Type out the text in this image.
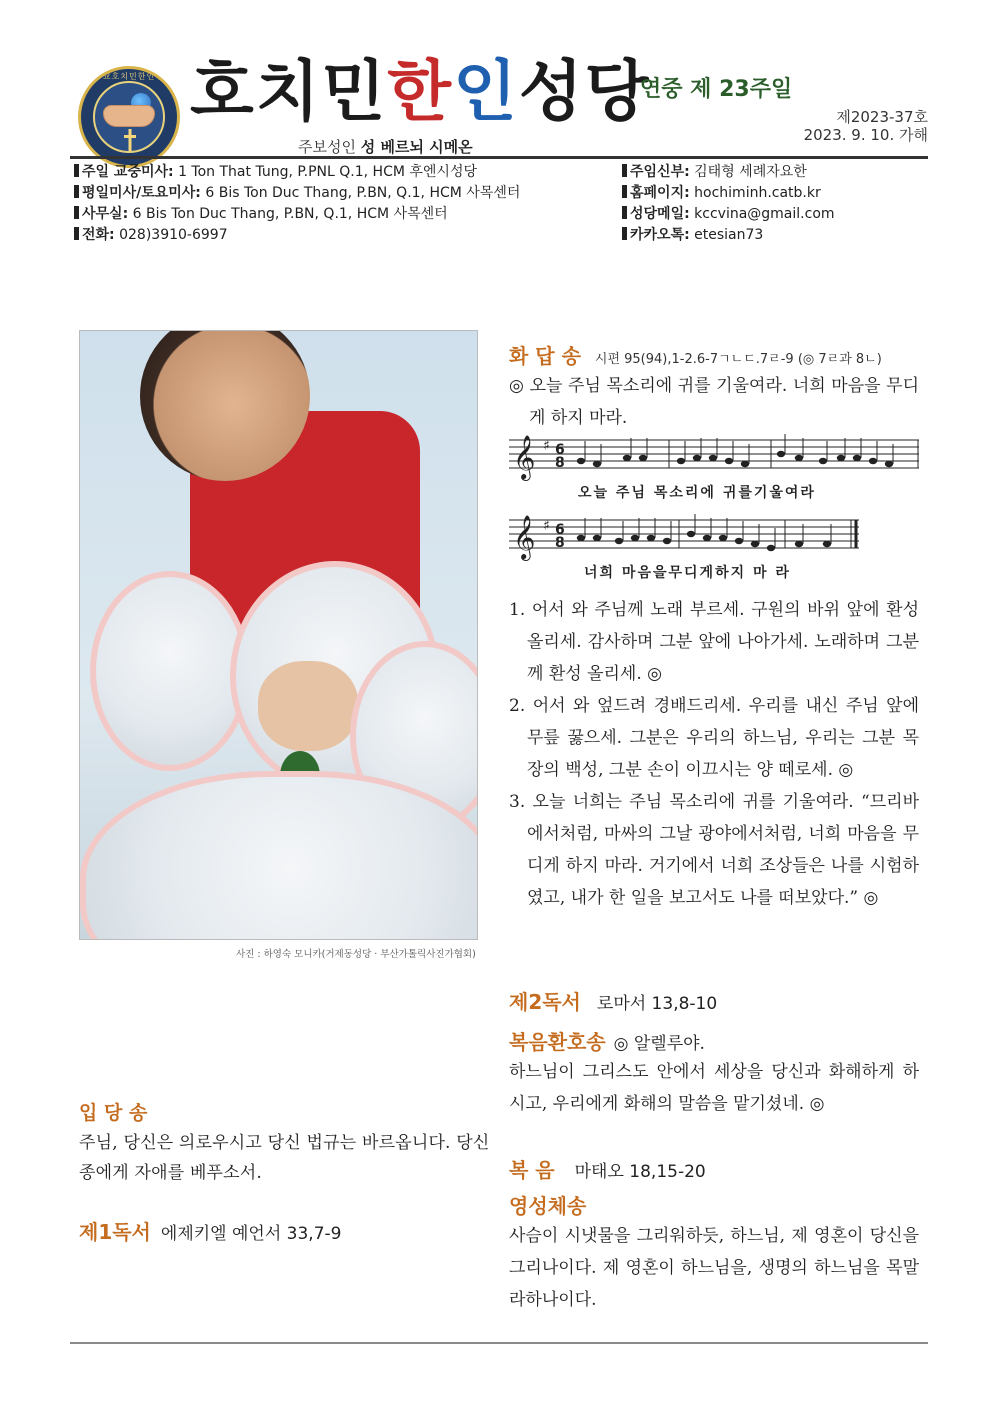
천주교호치민한인성당 호치민한인성당
연중 제 23주일
제2023-37호
2023. 9. 10. 가해
주보성인 성 베르뇌 시메온
주일 교중미사: 1 Ton That Tung, P.PNL Q.1, HCM 후엔시성당
평일미사/토요미사: 6 Bis Ton Duc Thang, P.BN, Q.1, HCM 사목센터
사무실: 6 Bis Ton Duc Thang, P.BN, Q.1, HCM 사목센터
전화: 028)3910-6997
주임신부: 김태형 세례자요한
홈페이지: hochiminh.catb.kr
성당메일: kccvina@gmail.com
카카오톡: etesian73
사진 : 하영숙 모니카(거제동성당 · 부산가톨릭사진가협회)
입 당 송
주님, 당신은 의로우시고 당신 법규는 바르옵니다. 당신 종에게 자애를 베푸소서.
제1독서 에제키엘 예언서 33,7-9
화 답 송 시편 95(94),1-2.6-7ㄱㄴㄷ.7ㄹ-9 (◎ 7ㄹ과 8ㄴ)

◎ 오늘 주님 목소리에 귀를 기울여라. 너희 마음을 무디게 하지 마라.

𝄞 ♯ 6
8
오늘 주님 목소리에 귀를기울여라
𝄞 ♯ 6
8
너희 마음을무디게하지 마 라

1. 어서 와 주님께 노래 부르세. 구원의 바위 앞에 환성 올리세. 감사하며 그분 앞에 나아가세. 노래하며 그분께 환성 올리세. ◎

2. 어서 와 엎드려 경배드리세. 우리를 내신 주님 앞에 무릎 꿇으세. 그분은 우리의 하느님, 우리는 그분 목장의 백성, 그분 손이 이끄시는 양 떼로세. ◎

3. 오늘 너희는 주님 목소리에 귀를 기울여라. “므리바에서처럼, 마싸의 그날 광야에서처럼, 너희 마음을 무디게 하지 마라. 거기에서 너희 조상들은 나를 시험하였고, 내가 한 일을 보고서도 나를 떠보았다.” ◎

제2독서 로마서 13,8-10
복음환호송 ◎ 알렐루야.

하느님이 그리스도 안에서 세상을 당신과 화해하게 하시고, 우리에게 화해의 말씀을 맡기셨네. ◎

복 음 마태오 18,15-20
영성체송

사슴이 시냇물을 그리워하듯, 하느님, 제 영혼이 당신을 그리나이다. 제 영혼이 하느님을, 생명의 하느님을 목말라하나이다.
